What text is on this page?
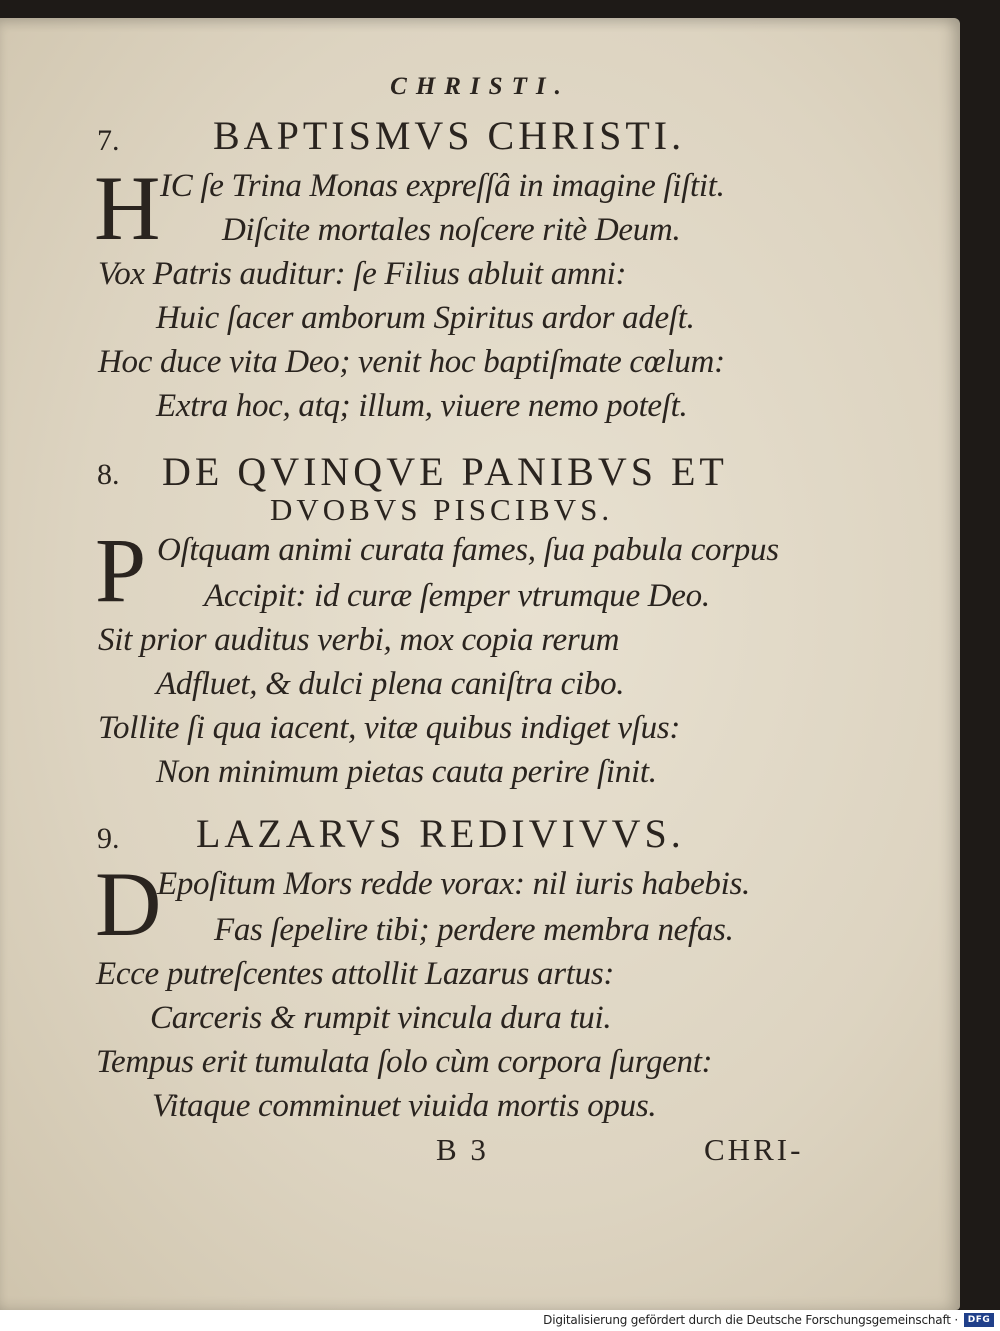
CHRISTI.
7. BAPTISMVS CHRISTI.
H IC ſe Trina Monas expreſſâ in imagine ſiſtit.
Diſcite mortales noſcere ritè Deum.
Vox Patris auditur: ſe Filius abluit amni:
Huic ſacer amborum Spiritus ardor adeſt.
Hoc duce vita Deo; venit hoc baptiſmate cœlum:
Extra hoc, atq; illum, viuere nemo poteſt.
8. DE QVINQVE PANIBVS ET
DVOBVS PISCIBVS.
P Oſtquam animi curata fames, ſua pabula corpus
Accipit: id curæ ſemper vtrumque Deo.
Sit prior auditus verbi, mox copia rerum
Adfluet, & dulci plena caniſtra cibo.
Tollite ſi qua iacent, vitæ quibus indiget vſus:
Non minimum pietas cauta perire ſinit.
9. LAZARVS REDIVIVVS.
D
Epoſitum Mors redde vorax: nil iuris habebis.
Fas ſepelire tibi; perdere membra nefas.
Ecce putreſcentes attollit Lazarus artus:
Carceris & rumpit vincula dura tui.
Tempus erit tumulata ſolo cùm corpora ſurgent:
Vitaque comminuet viuida mortis opus.
B 3	CHRI-
Digitalisierung gefördert durch die Deutsche Forschungsgemeinschaft ·	DFG
